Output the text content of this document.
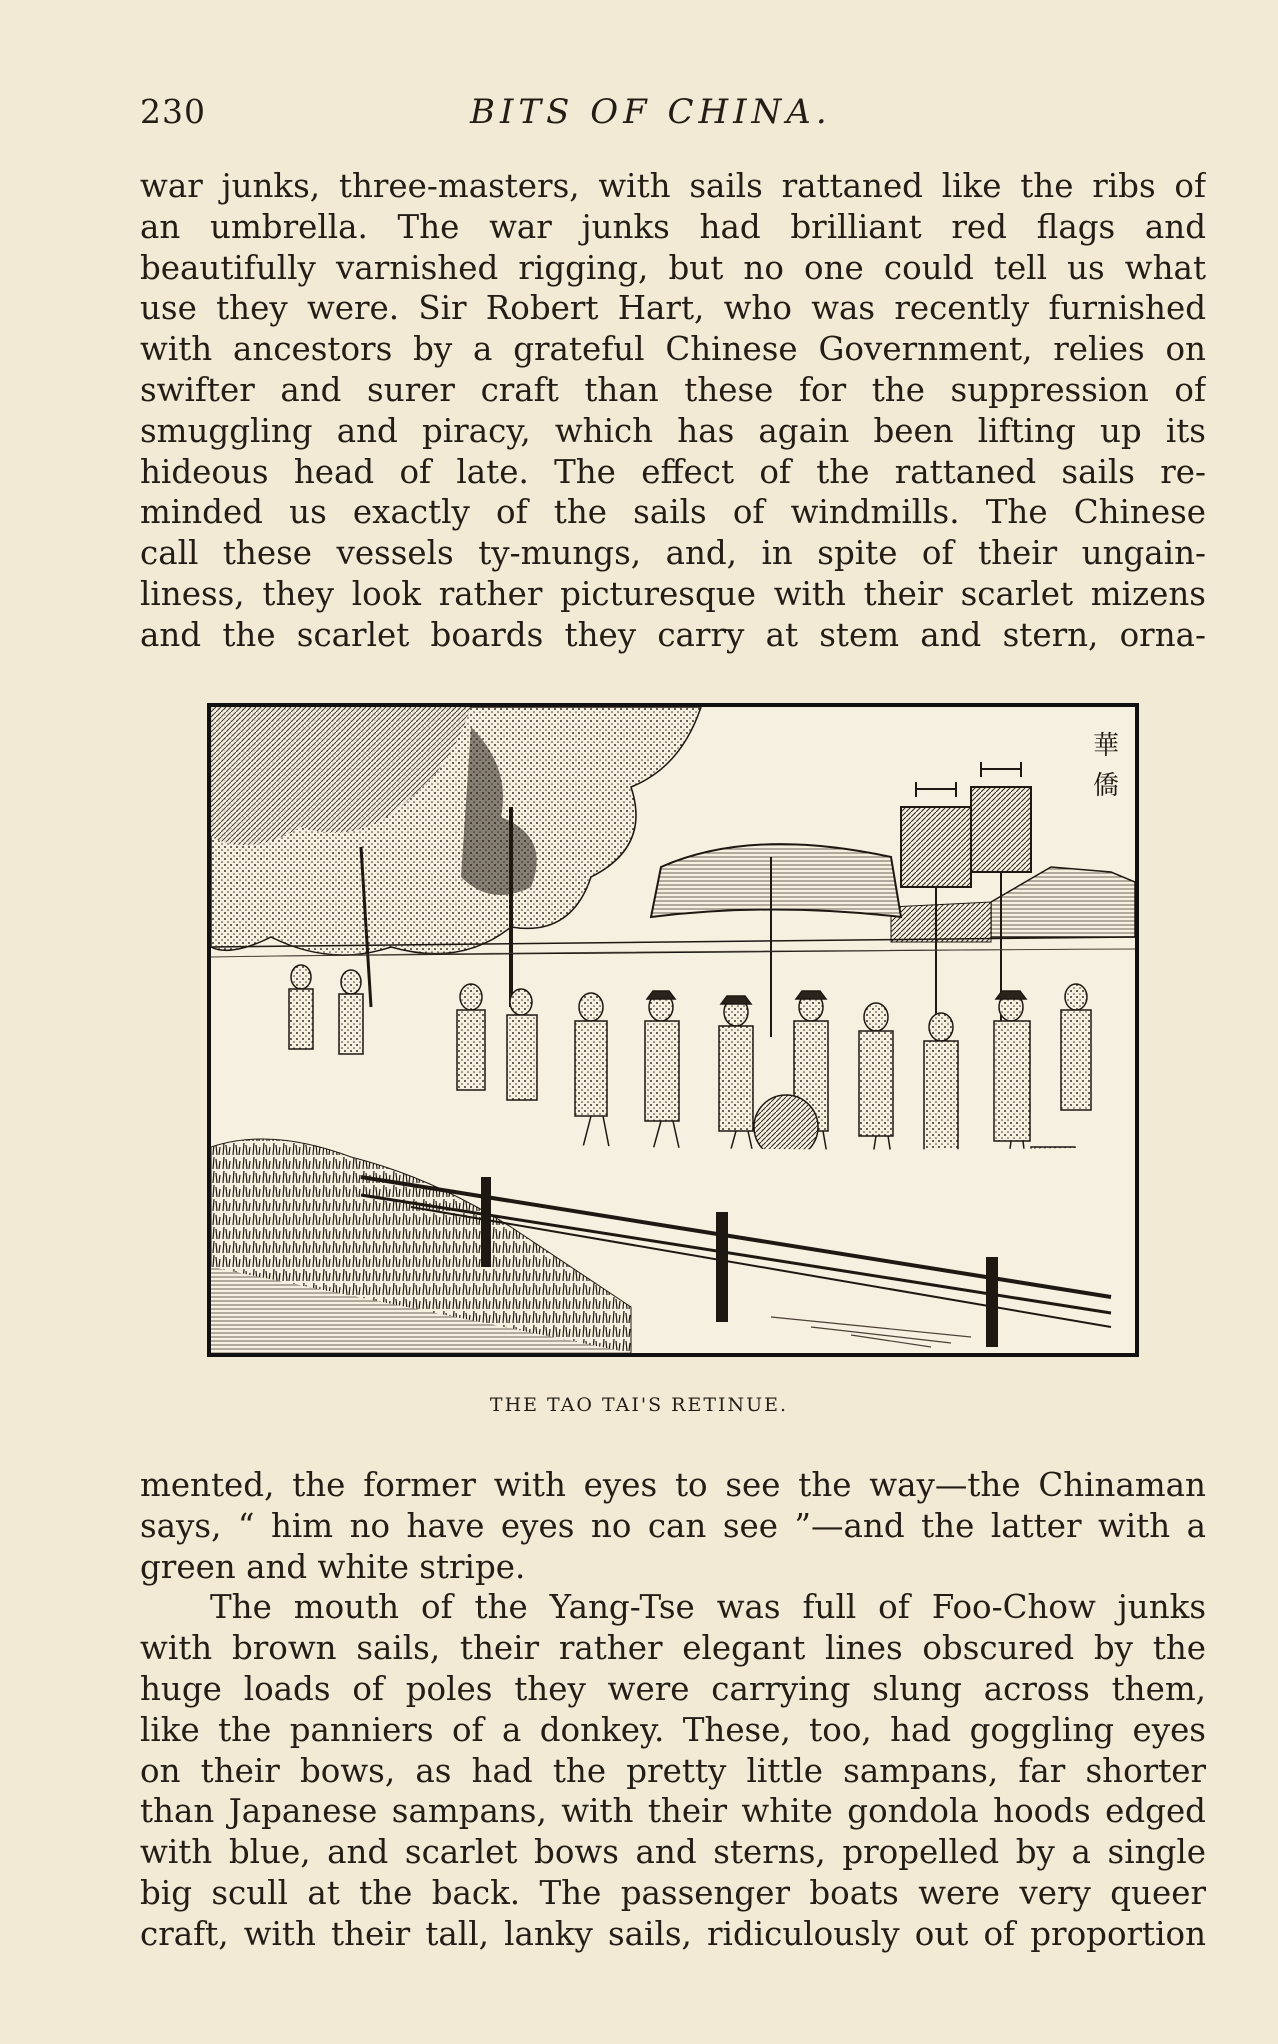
230	BITS OF CHINA.
war junks, three-masters, with sails rattaned like the ribs of
an umbrella. The war junks had brilliant red flags and
beautifully varnished rigging, but no one could tell us what
use they were. Sir Robert Hart, who was recently furnished
with ancestors by a grateful Chinese Government, relies on
swifter and surer craft than these for the suppression of
smuggling and piracy, which has again been lifting up its
hideous head of late. The effect of the rattaned sails re-
minded us exactly of the sails of windmills. The Chinese
call these vessels ty-mungs, and, in spite of their ungain-
liness, they look rather picturesque with their scarlet mizens
and the scarlet boards they carry at stem and stern, orna-
華
僑
THE TAO TAI'S RETINUE.
mented, the former with eyes to see the way—the Chinaman
says, “ him no have eyes no can see ”—and the latter with a
green and white stripe.
The mouth of the Yang-Tse was full of Foo-Chow junks
with brown sails, their rather elegant lines obscured by the
huge loads of poles they were carrying slung across them,
like the panniers of a donkey. These, too, had goggling eyes
on their bows, as had the pretty little sampans, far shorter
than Japanese sampans, with their white gondola hoods edged
with blue, and scarlet bows and sterns, propelled by a single
big scull at the back. The passenger boats were very queer
craft, with their tall, lanky sails, ridiculously out of proportion
